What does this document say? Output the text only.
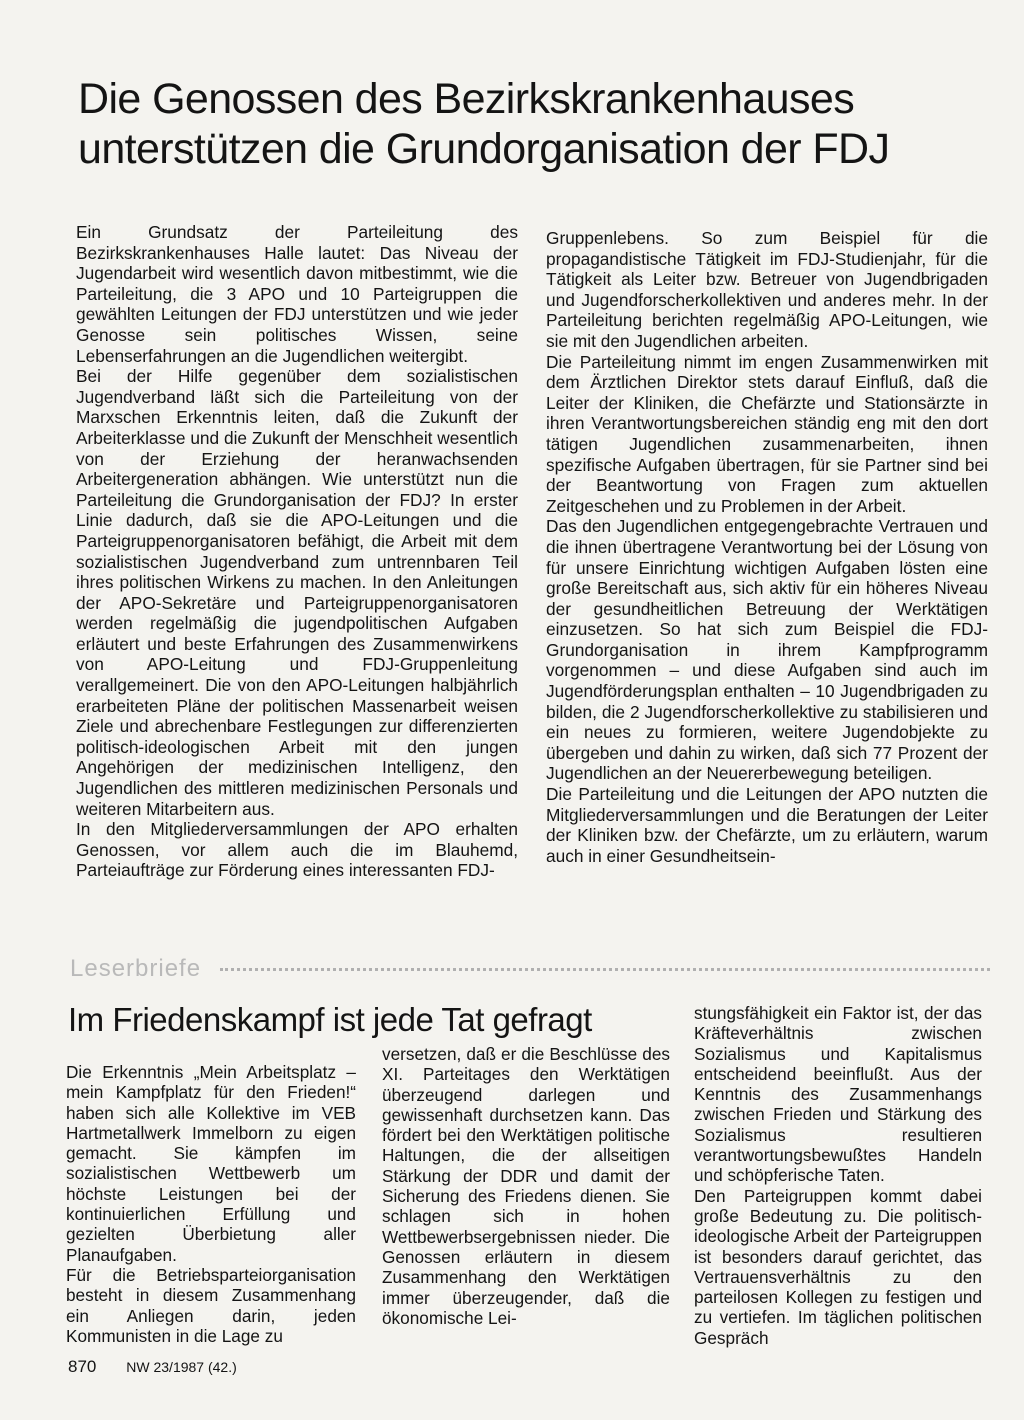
Die Genossen des Bezirkskrankenhauses
unterstützen die Grundorganisation der FDJ

Ein Grundsatz der Parteileitung des Bezirkskrankenhauses Halle lautet: Das Niveau der Jugendarbeit wird wesentlich davon mitbestimmt, wie die Parteileitung, die 3 APO und 10 Parteigruppen die gewählten Leitungen der FDJ unterstützen und wie jeder Genosse sein politisches Wissen, seine Lebenserfahrungen an die Jugendlichen weitergibt.

Bei der Hilfe gegenüber dem sozialistischen Jugendverband läßt sich die Parteileitung von der Marxschen Erkenntnis leiten, daß die Zukunft der Arbeiterklasse und die Zukunft der Menschheit wesentlich von der Erziehung der heranwachsenden Arbeitergeneration abhängen. Wie unterstützt nun die Parteileitung die Grundorganisation der FDJ? In erster Linie dadurch, daß sie die APO-Leitungen und die Parteigruppenorganisatoren befähigt, die Arbeit mit dem sozialistischen Jugendverband zum untrennbaren Teil ihres politischen Wirkens zu machen. In den Anleitungen der APO-Sekretäre und Parteigruppenorganisatoren werden regelmäßig die jugendpolitischen Aufgaben erläutert und beste Erfahrungen des Zusammenwirkens von APO-Leitung und FDJ-Gruppenleitung verallgemeinert. Die von den APO-Leitungen halbjährlich erarbeiteten Pläne der politischen Massenarbeit weisen Ziele und abrechenbare Festlegungen zur differenzierten politisch-ideologischen Arbeit mit den jungen Angehörigen der medizinischen Intelligenz, den Jugendlichen des mittleren medizinischen Personals und weiteren Mitarbeitern aus.

In den Mitgliederversammlungen der APO erhalten Genossen, vor allem auch die im Blauhemd, Parteiaufträge zur Förderung eines interessanten FDJ-

Gruppenlebens. So zum Beispiel für die propagandistische Tätigkeit im FDJ-Studienjahr, für die Tätigkeit als Leiter bzw. Betreuer von Jugendbrigaden und Jugendforscherkollektiven und anderes mehr. In der Parteileitung berichten regelmäßig APO-Leitungen, wie sie mit den Jugendlichen arbeiten.

Die Parteileitung nimmt im engen Zusammenwirken mit dem Ärztlichen Direktor stets darauf Einfluß, daß die Leiter der Kliniken, die Chefärzte und Stationsärzte in ihren Verantwortungsbereichen ständig eng mit den dort tätigen Jugendlichen zusammenarbeiten, ihnen spezifische Aufgaben übertragen, für sie Partner sind bei der Beantwortung von Fragen zum aktuellen Zeitgeschehen und zu Problemen in der Arbeit.

Das den Jugendlichen entgegengebrachte Vertrauen und die ihnen übertragene Verantwortung bei der Lösung von für unsere Einrichtung wichtigen Aufgaben lösten eine große Bereitschaft aus, sich aktiv für ein höheres Niveau der gesundheitlichen Betreuung der Werktätigen einzusetzen. So hat sich zum Beispiel die FDJ-Grundorganisation in ihrem Kampfprogramm vorgenommen – und diese Aufgaben sind auch im Jugendförderungsplan enthalten – 10 Jugendbrigaden zu bilden, die 2 Jugendforscherkollektive zu stabilisieren und ein neues zu formieren, weitere Jugendobjekte zu übergeben und dahin zu wirken, daß sich 77 Prozent der Jugendlichen an der Neuererbewegung beteiligen.

Die Parteileitung und die Leitungen der APO nutzten die Mitgliederversammlungen und die Beratungen der Leiter der Kliniken bzw. der Chefärzte, um zu erläutern, warum auch in einer Gesundheitsein-

Leserbriefe
Im Friedenskampf ist jede Tat gefragt

Die Erkenntnis „Mein Arbeitsplatz – mein Kampfplatz für den Frieden!“ haben sich alle Kollektive im VEB Hartmetallwerk Immelborn zu eigen gemacht. Sie kämpfen im sozialistischen Wettbewerb um höchste Leistungen bei der kontinuierlichen Erfüllung und gezielten Überbietung aller Planaufgaben.

Für die Betriebsparteiorganisation besteht in diesem Zusammenhang ein Anliegen darin, jeden Kommunisten in die Lage zu

versetzen, daß er die Beschlüsse des XI. Parteitages den Werktätigen überzeugend darlegen und gewissenhaft durchsetzen kann. Das fördert bei den Werktätigen politische Haltungen, die der allseitigen Stärkung der DDR und damit der Sicherung des Friedens dienen. Sie schlagen sich in hohen Wettbewerbsergebnissen nieder. Die Genossen erläutern in diesem Zusammenhang den Werktätigen immer überzeugender, daß die ökonomische Lei-

stungsfähigkeit ein Faktor ist, der das Kräfteverhältnis zwischen Sozialismus und Kapitalismus entscheidend beeinflußt. Aus der Kenntnis des Zusammenhangs zwischen Frieden und Stärkung des Sozialismus resultieren verantwortungsbewußtes Handeln und schöpferische Taten.

Den Parteigruppen kommt dabei große Bedeutung zu. Die politisch-ideologische Arbeit der Parteigruppen ist besonders darauf gerichtet, das Vertrauensverhältnis zu den parteilosen Kollegen zu festigen und zu vertiefen. Im täglichen politischen Gespräch

870 NW 23/1987 (42.)
